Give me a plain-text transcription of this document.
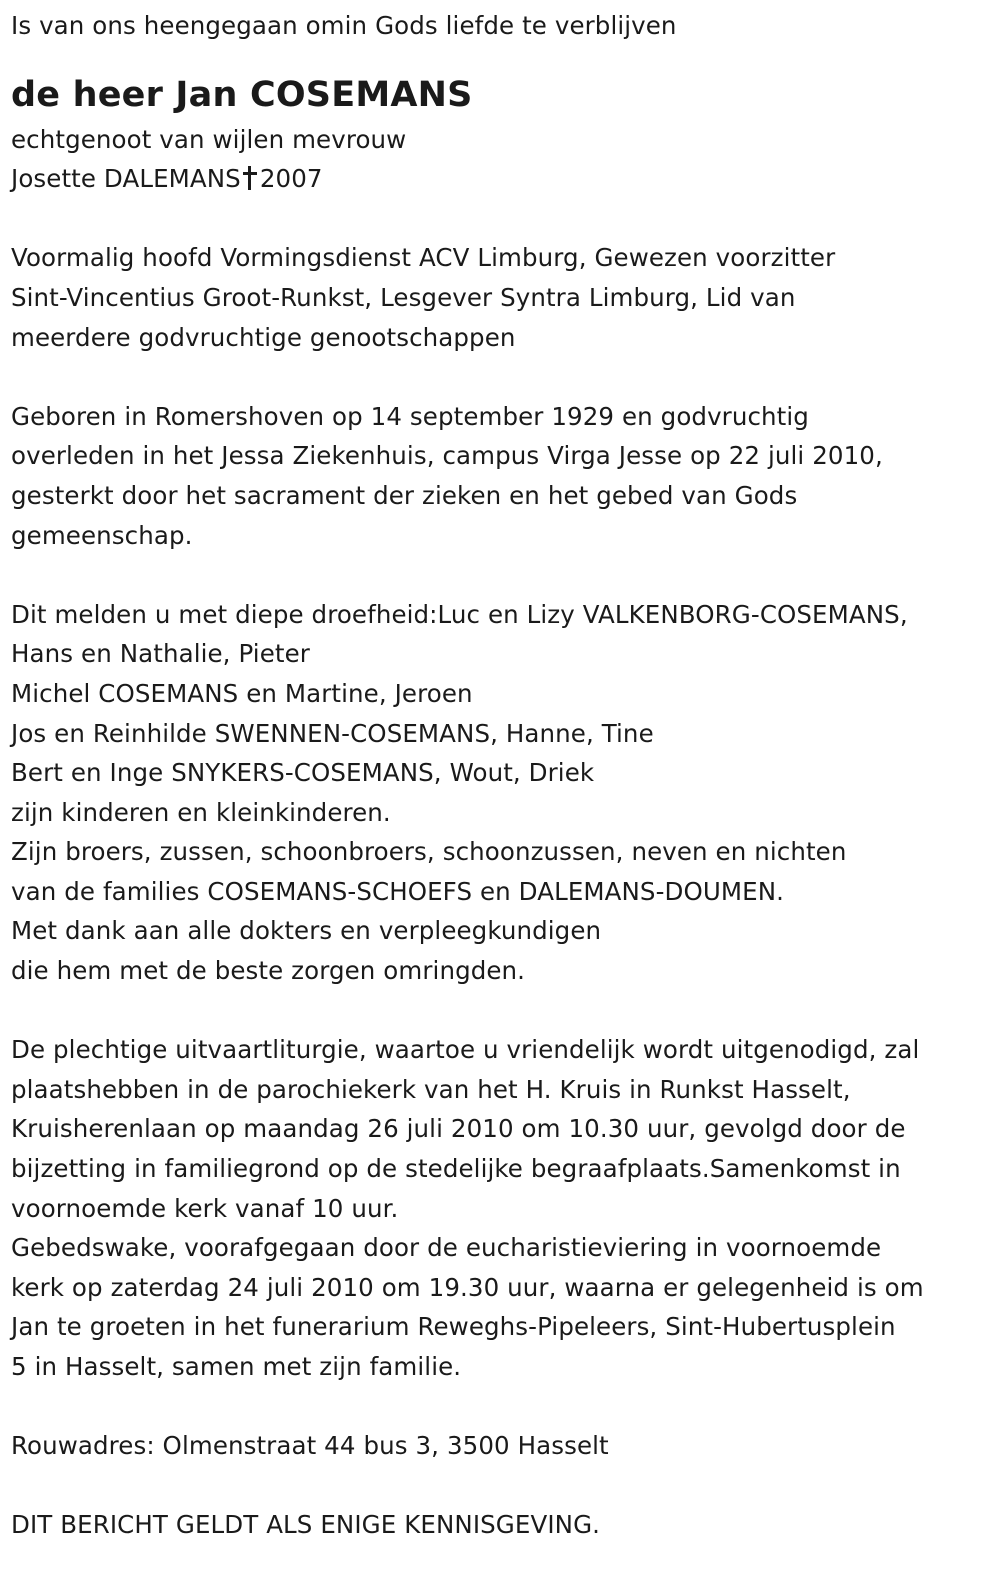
Is van ons heengegaan omin Gods liefde te verblijven
de heer Jan COSEMANS
echtgenoot van wijlen mevrouw
Josette DALEMANS 2007
Voormalig hoofd Vormingsdienst ACV Limburg, Gewezen voorzitter
Sint-Vincentius Groot-Runkst, Lesgever Syntra Limburg, Lid van
meerdere godvruchtige genootschappen
Geboren in Romershoven op 14 september 1929 en godvruchtig
overleden in het Jessa Ziekenhuis, campus Virga Jesse op 22 juli 2010,
gesterkt door het sacrament der zieken en het gebed van Gods
gemeenschap.
Dit melden u met diepe droefheid:Luc en Lizy VALKENBORG-COSEMANS,
Hans en Nathalie, Pieter
Michel COSEMANS en Martine, Jeroen
Jos en Reinhilde SWENNEN-COSEMANS, Hanne, Tine
Bert en Inge SNYKERS-COSEMANS, Wout, Driek
zijn kinderen en kleinkinderen.
Zijn broers, zussen, schoonbroers, schoonzussen, neven en nichten
van de families COSEMANS-SCHOEFS en DALEMANS-DOUMEN.
Met dank aan alle dokters en verpleegkundigen
die hem met de beste zorgen omringden.
De plechtige uitvaartliturgie, waartoe u vriendelijk wordt uitgenodigd, zal
plaatshebben in de parochiekerk van het H. Kruis in Runkst Hasselt,
Kruisherenlaan op maandag 26 juli 2010 om 10.30 uur, gevolgd door de
bijzetting in familiegrond op de stedelijke begraafplaats.Samenkomst in
voornoemde kerk vanaf 10 uur.
Gebedswake, voorafgegaan door de eucharistieviering in voornoemde
kerk op zaterdag 24 juli 2010 om 19.30 uur, waarna er gelegenheid is om
Jan te groeten in het funerarium Reweghs-Pipeleers, Sint-Hubertusplein
5 in Hasselt, samen met zijn familie.
Rouwadres: Olmenstraat 44 bus 3, 3500 Hasselt
DIT BERICHT GELDT ALS ENIGE KENNISGEVING.
